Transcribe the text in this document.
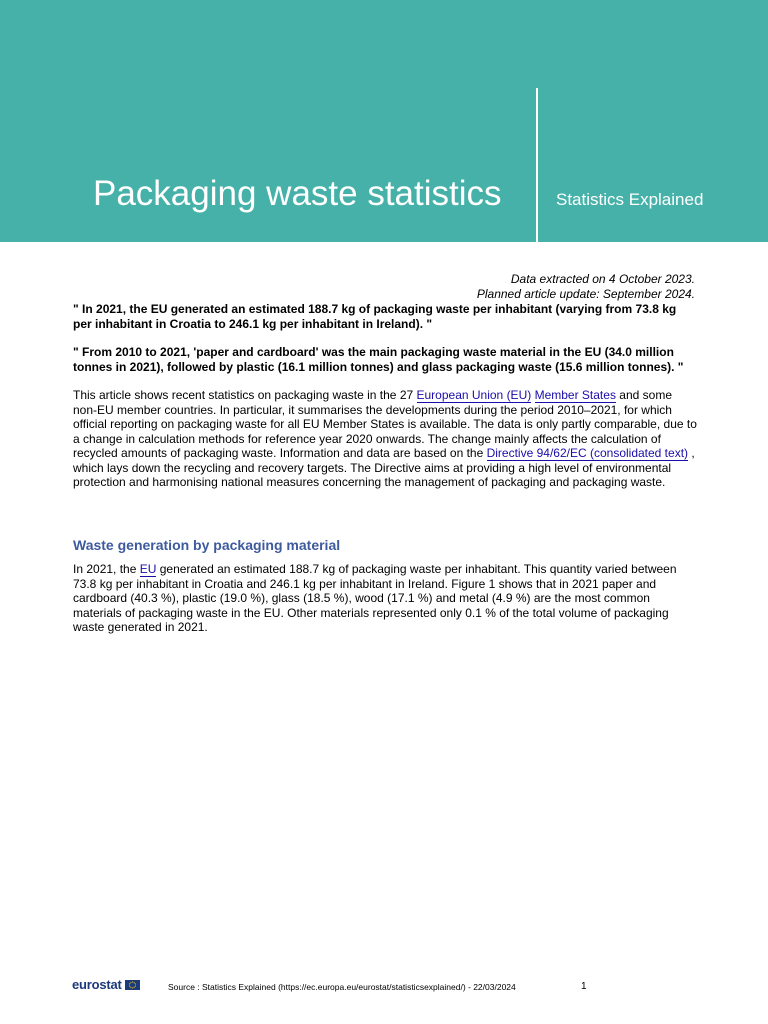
Packaging waste statistics	Statistics Explained
Data extracted on 4 October 2023.
Planned article update: September 2024.
" In 2021, the EU generated an estimated 188.7 kg of packaging waste per inhabitant (varying from 73.8 kg per inhabitant in Croatia to 246.1 kg per inhabitant in Ireland). "
" From 2010 to 2021, 'paper and cardboard' was the main packaging waste material in the EU (34.0 million tonnes in 2021), followed by plastic (16.1 million tonnes) and glass packaging waste (15.6 million tonnes). "

This article shows recent statistics on packaging waste in the 27 European Union (EU) Member States and some non-EU member countries. In particular, it summarises the developments during the period 2010–2021, for which official reporting on packaging waste for all EU Member States is available. The data is only partly comparable, due to a change in calculation methods for reference year 2020 onwards. The change mainly affects the calculation of recycled amounts of packaging waste. Information and data are based on the Directive 94/62/EC (consolidated text) , which lays down the recycling and recovery targets. The Directive aims at providing a high level of environmental protection and harmonising national measures concerning the management of packaging and packaging waste.

Waste generation by packaging material

In 2021, the EU generated an estimated 188.7 kg of packaging waste per inhabitant. This quantity varied between 73.8 kg per inhabitant in Croatia and 246.1 kg per inhabitant in Ireland. Figure 1 shows that in 2021 paper and cardboard (40.3 %), plastic (19.0 %), glass (18.5 %), wood (17.1 %) and metal (4.9 %) are the most common materials of packaging waste in the EU. Other materials represented only 0.1 % of the total volume of packaging waste generated in 2021.

eurostat	Source : Statistics Explained (https://ec.europa.eu/eurostat/statisticsexplained/) - 22/03/2024	1
